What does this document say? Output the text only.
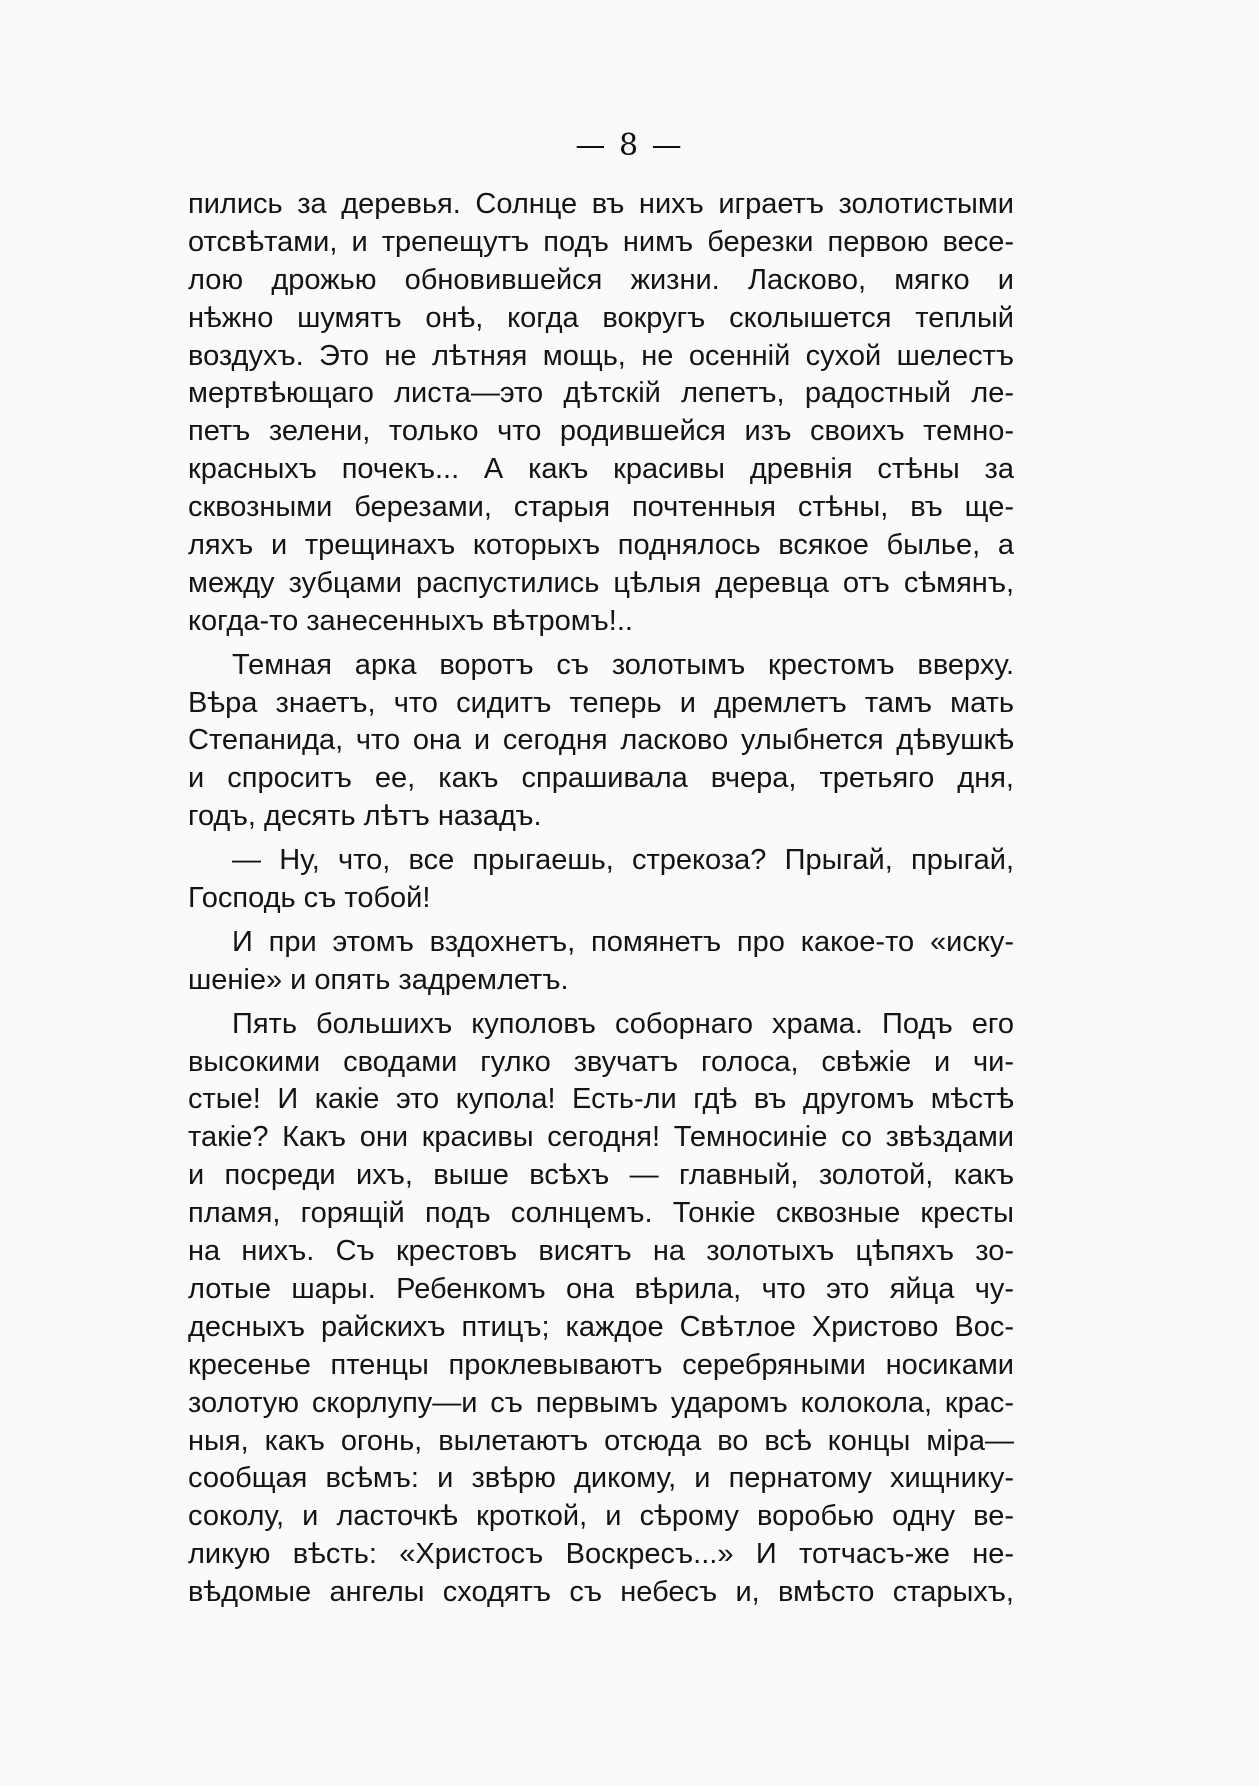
— 8 —
пились за деревья. Солнце въ нихъ играетъ золотистыми
отсвѣтами, и трепещутъ подъ нимъ березки первою весе-
лою дрожью обновившейся жизни. Ласково, мягко и
нѣжно шумятъ онѣ, когда вокругъ сколышется теплый
воздухъ. Это не лѣтняя мощь, не осенній сухой шелестъ
мертвѣющаго листа—это дѣтскій лепетъ, радостный ле-
петъ зелени, только что родившейся изъ своихъ темно-
красныхъ почекъ... А какъ красивы древнія стѣны за
сквозными березами, старыя почтенныя стѣны, въ ще-
ляхъ и трещинахъ которыхъ поднялось всякое былье, а
между зубцами распустились цѣлыя деревца отъ сѣмянъ,
когда-то занесенныхъ вѣтромъ!..
Темная арка воротъ съ золотымъ крестомъ вверху.
Вѣра знаетъ, что сидитъ теперь и дремлетъ тамъ мать
Степанида, что она и сегодня ласково улыбнется дѣвушкѣ
и спроситъ ее, какъ спрашивала вчера, третьяго дня,
годъ, десять лѣтъ назадъ.
— Ну, что, все прыгаешь, стрекоза? Прыгай, прыгай,
Господь съ тобой!
И при этомъ вздохнетъ, помянетъ про какое-то «иску-
шеніе» и опять задремлетъ.
Пять большихъ куполовъ соборнаго храма. Подъ его
высокими сводами гулко звучатъ голоса, свѣжіе и чи-
стые! И какіе это купола! Есть-ли гдѣ въ другомъ мѣстѣ
такіе? Какъ они красивы сегодня! Темносиніе со звѣздами
и посреди ихъ, выше всѣхъ — главный, золотой, какъ
пламя, горящій подъ солнцемъ. Тонкіе сквозные кресты
на нихъ. Съ крестовъ висятъ на золотыхъ цѣпяхъ зо-
лотые шары. Ребенкомъ она вѣрила, что это яйца чу-
десныхъ райскихъ птицъ; каждое Свѣтлое Христово Вос-
кресенье птенцы проклевываютъ серебряными носиками
золотую скорлупу—и съ первымъ ударомъ колокола, крас-
ныя, какъ огонь, вылетаютъ отсюда во всѣ концы міра—
сообщая всѣмъ: и звѣрю дикому, и пернатому хищнику-
соколу, и ласточкѣ кроткой, и сѣрому воробью одну ве-
ликую вѣсть: «Христосъ Воскресъ...» И тотчасъ-же не-
вѣдомые ангелы сходятъ съ небесъ и, вмѣсто старыхъ,
